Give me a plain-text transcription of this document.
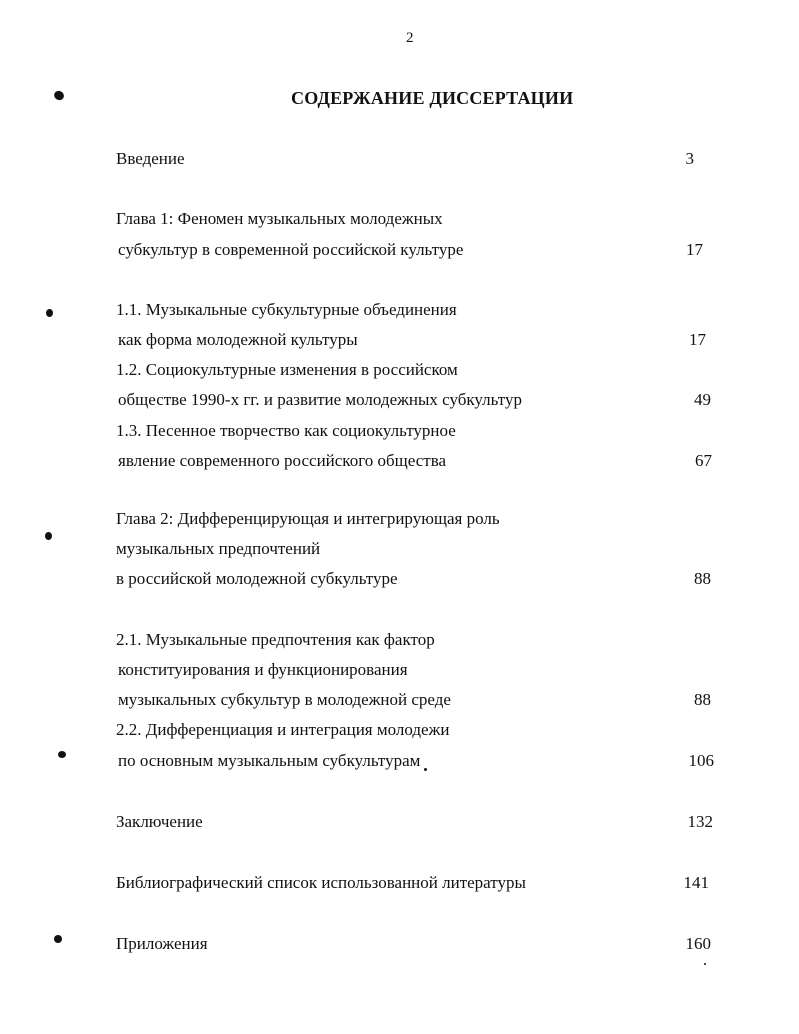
2
СОДЕРЖАНИЕ ДИССЕРТАЦИИ
Введение	3
Глава 1: Феномен музыкальных молодежных
субкультур в современной российской культуре	17
1.1. Музыкальные субкультурные объединения
как форма молодежной культуры	17
1.2. Социокультурные изменения в российском
обществе 1990-х гг. и развитие молодежных субкультур	49
1.3. Песенное творчество как социокультурное
явление современного российского общества	67
Глава 2: Дифференцирующая и интегрирующая роль
музыкальных предпочтений
в российской молодежной субкультуре	88
2.1. Музыкальные предпочтения как фактор
конституирования и функционирования
музыкальных субкультур в молодежной среде	88
2.2. Дифференциация и интеграция молодежи
по основным музыкальным субкультурам	106
Заключение	132
Библиографический список использованной литературы	141
Приложения	160
